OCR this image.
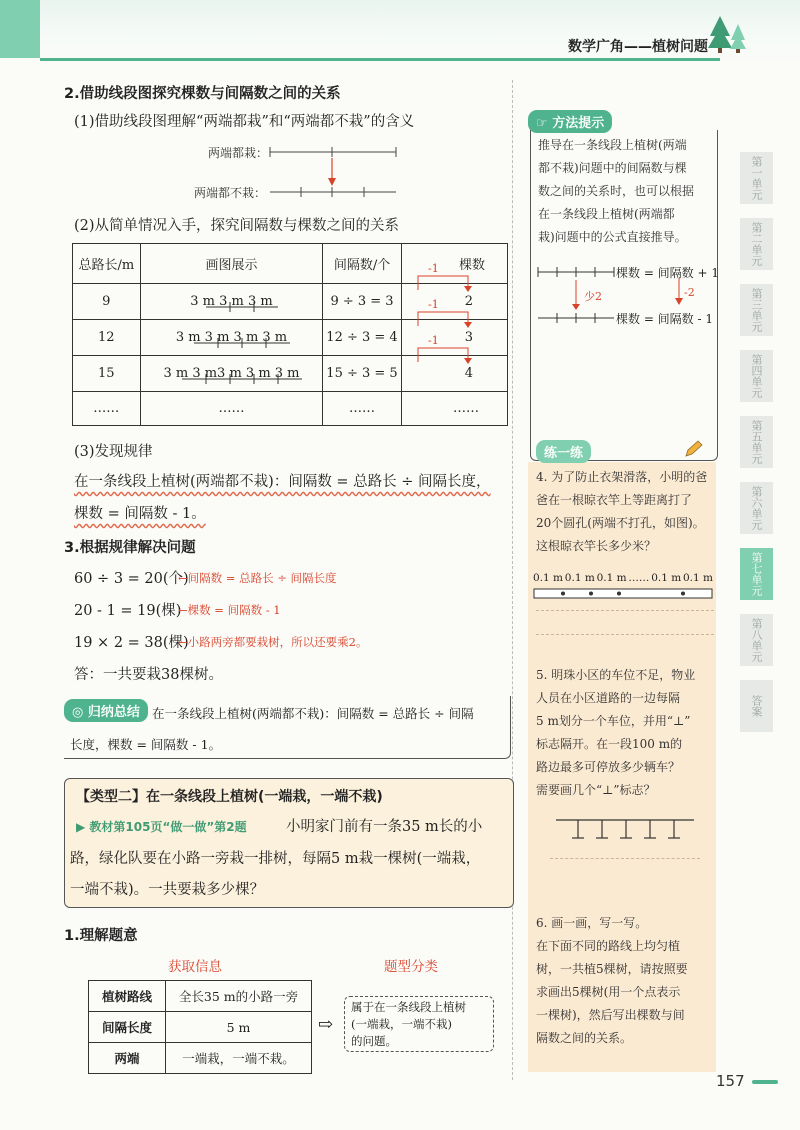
数学广角——植树问题
2.借助线段图探究棵数与间隔数之间的关系
(1)借助线段图理解“两端都栽”和“两端都不栽”的含义
两端都栽：
两端都不栽：
(2)从简单情况入手，探究间隔数与棵数之间的关系
总路长/m	画图展示	间隔数/个	棵数
9	3 m 3 m 3 m	9 ÷ 3 = 3	2
12	3 m 3 m 3 m 3 m	12 ÷ 3 = 4	3
15	3 m 3 m3 m 3 m 3 m	15 ÷ 3 = 5	4
……	……	……	……
-1
-1
-1
(3)发现规律
在一条线段上植树(两端都不栽)：间隔数 = 总路长 ÷ 间隔长度，
棵数 = 间隔数 - 1。
3.根据规律解决问题
60 ÷ 3 = 20(个)
←间隔数 = 总路长 ÷ 间隔长度
20 - 1 = 19(棵)
←棵数 = 间隔数 - 1
19 × 2 = 38(棵)
←小路两旁都要栽树，所以还要乘2。
答：一共要栽38棵树。
◎ 归纳总结 在一条线段上植树(两端都不栽)：间隔数 = 总路长 ÷ 间隔
长度，棵数 = 间隔数 - 1。
【类型二】在一条线段上植树(一端栽，一端不栽)
▶ 教材第105页“做一做”第2题	小明家门前有一条35 m长的小
路，绿化队要在小路一旁栽一排树，每隔5 m栽一棵树(一端栽，
一端不栽)。一共要栽多少棵？
1.理解题意
获取信息	题型分类
植树路线	全长35 m的小路一旁
间隔长度	5 m
两端	一端栽，一端不栽。
⇨
属于在一条线段上植树
(一端栽，一端不栽)
的问题。
☞ 方法提示
推导在一条线段上植树(两端
都不栽)问题中的间隔数与棵
数之间的关系时，也可以根据
在一条线段上植树(两端都
栽)问题中的公式直接推导。
棵数 = 间隔数 + 1
棵数 = 间隔数 - 1
少2	-2
练一练
4. 为了防止衣架滑落，小明的爸
爸在一根晾衣竿上等距离打了
20个圆孔(两端不打孔，如图)。
这根晾衣竿长多少米？
0.1 m 0.1 m 0.1 m …… 0.1 m 0.1 m
5. 明珠小区的车位不足，物业
人员在小区道路的一边每隔
5 m划分一个车位，并用“⊥”
标志隔开。在一段100 m的
路边最多可停放多少辆车？
需要画几个“⊥”标志？
6. 画一画，写一写。
在下面不同的路线上均匀植
树，一共植5棵树，请按照要
求画出5棵树(用一个点表示
一棵树)，然后写出棵数与间
隔数之间的关系。
第一单元
第二单元
第三单元
第四单元
第五单元
第六单元
第七单元
第八单元
答案
157
